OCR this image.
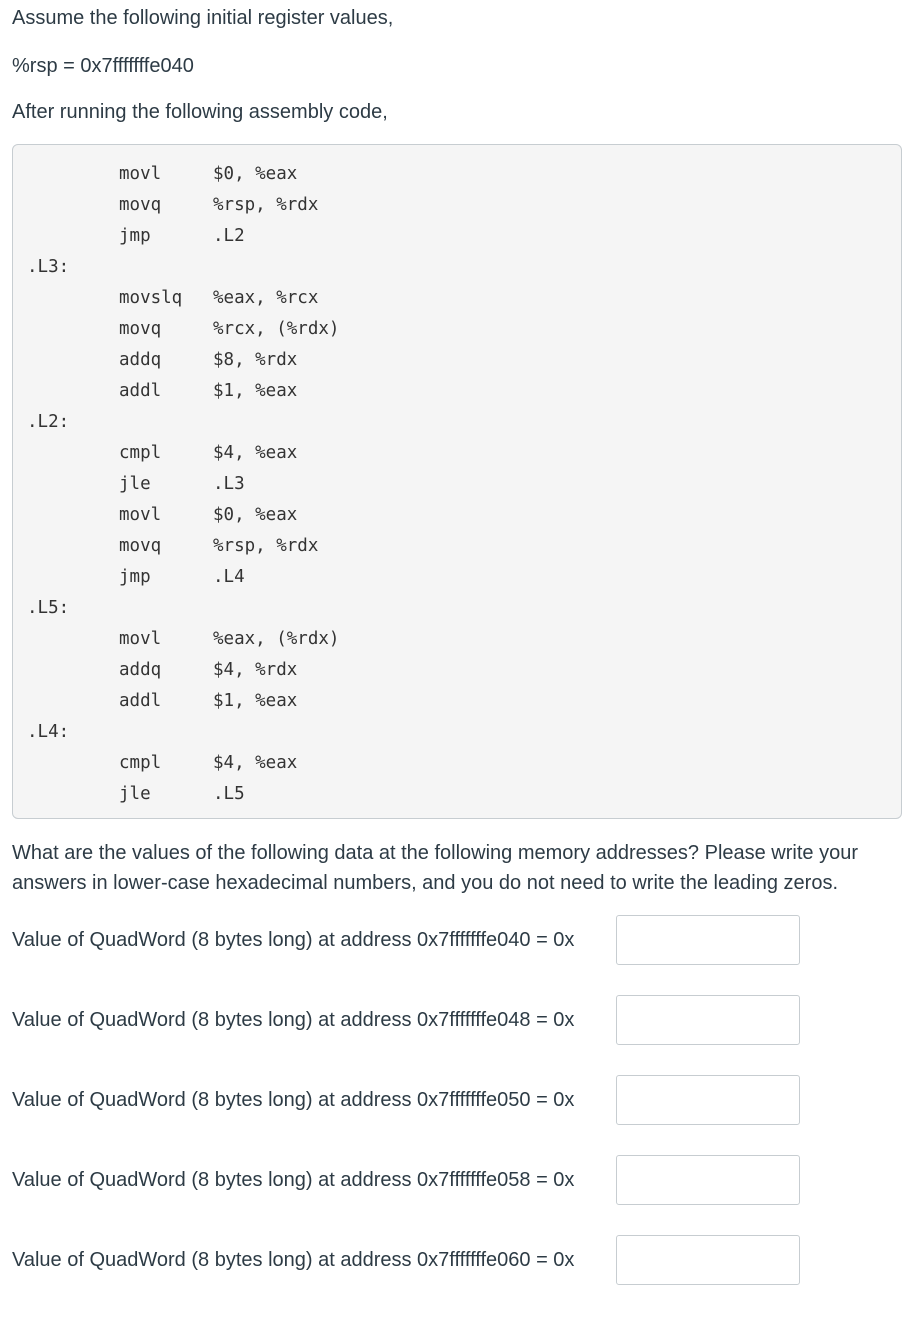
Assume the following initial register values,

%rsp = 0x7fffffffe040

After running the following assembly code,

movl	$0, %eax
movq	%rsp, %rdx
jmp	.L2
.L3:
movslq %eax, %rcx
movq	%rcx, (%rdx)
addq	$8, %rdx
addl	$1, %eax
.L2:
cmpl	$4, %eax
jle	.L3
movl	$0, %eax
movq	%rsp, %rdx
jmp	.L4
.L5:
movl	%eax, (%rdx)
addq	$4, %rdx
addl	$1, %eax
.L4:
cmpl	$4, %eax
jle	.L5

What are the values of the following data at the following memory addresses? Please write your answers in lower-case hexadecimal numbers, and you do not need to write the leading zeros.

Value of QuadWord (8 bytes long) at address 0x7fffffffe040 = 0x
Value of QuadWord (8 bytes long) at address 0x7fffffffe048 = 0x
Value of QuadWord (8 bytes long) at address 0x7fffffffe050 = 0x
Value of QuadWord (8 bytes long) at address 0x7fffffffe058 = 0x
Value of QuadWord (8 bytes long) at address 0x7fffffffe060 = 0x
